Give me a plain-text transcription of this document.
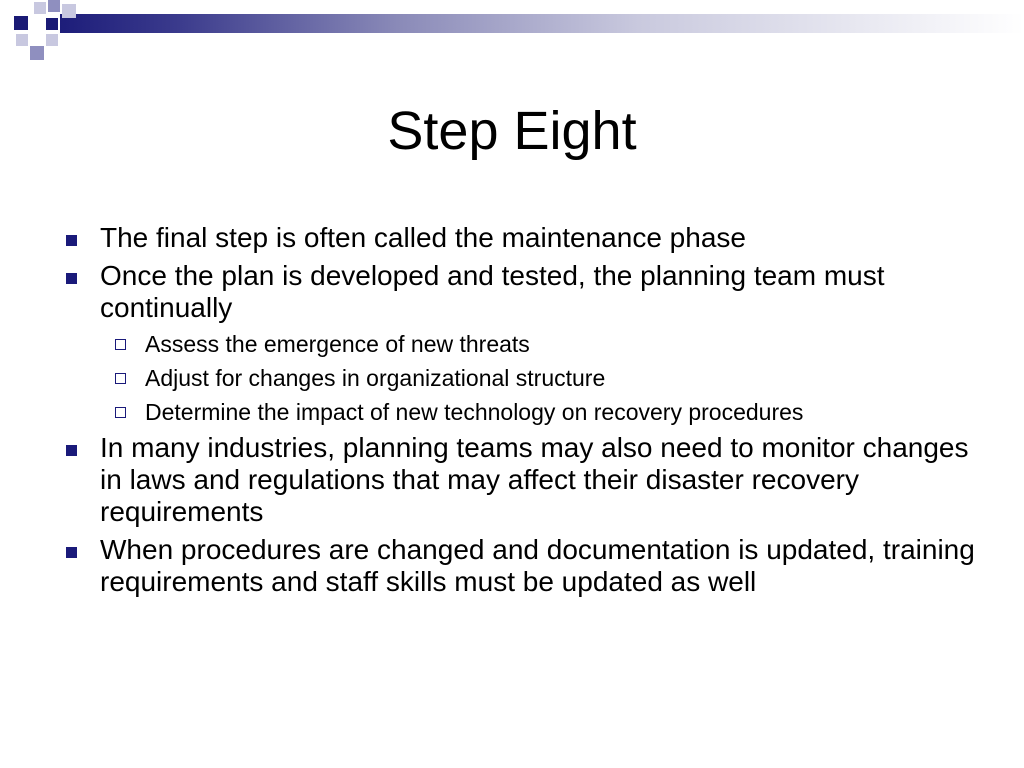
Step Eight
The final step is often called the maintenance phase
Once the plan is developed and tested, the planning team must continually
Assess the emergence of new threats
Adjust for changes in organizational structure
Determine the impact of new technology on recovery procedures
In many industries, planning teams may also need to monitor changes in laws and regulations that may affect their disaster recovery requirements
When procedures are changed and documentation is updated, training requirements and staff skills must be updated as well
